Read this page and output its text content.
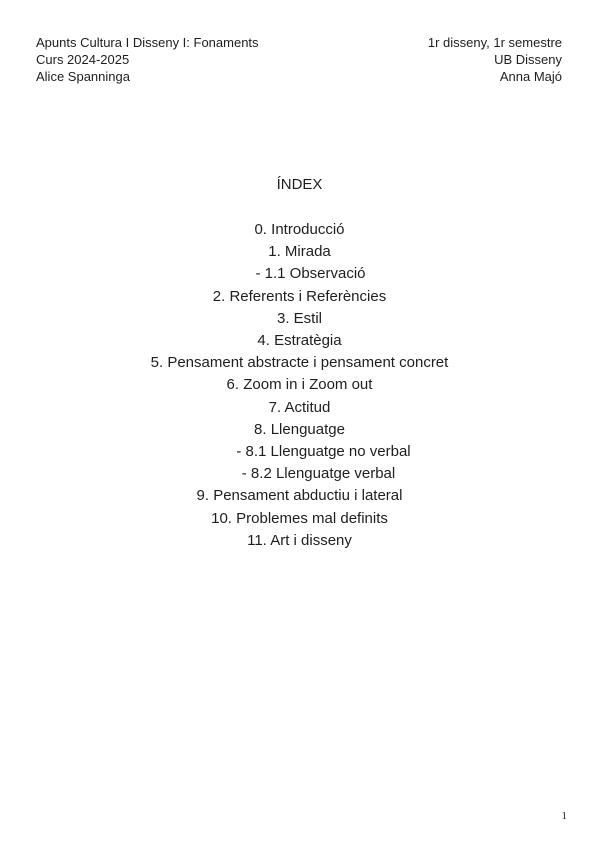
Apunts Cultura I Disseny I: Fonaments
Curs 2024-2025
Alice Spanninga
1r disseny, 1r semestre
UB Disseny
Anna Majó
ÍNDEX
0. Introducció
1. Mirada
- 1.1 Observació
2. Referents i Referències
3. Estil
4. Estratègia
5. Pensament abstracte i pensament concret
6. Zoom in i Zoom out
7. Actitud
8. Llenguatge
- 8.1 Llenguatge no verbal
- 8.2 Llenguatge verbal
9. Pensament abductiu i lateral
10. Problemes mal definits
11. Art i disseny
1
